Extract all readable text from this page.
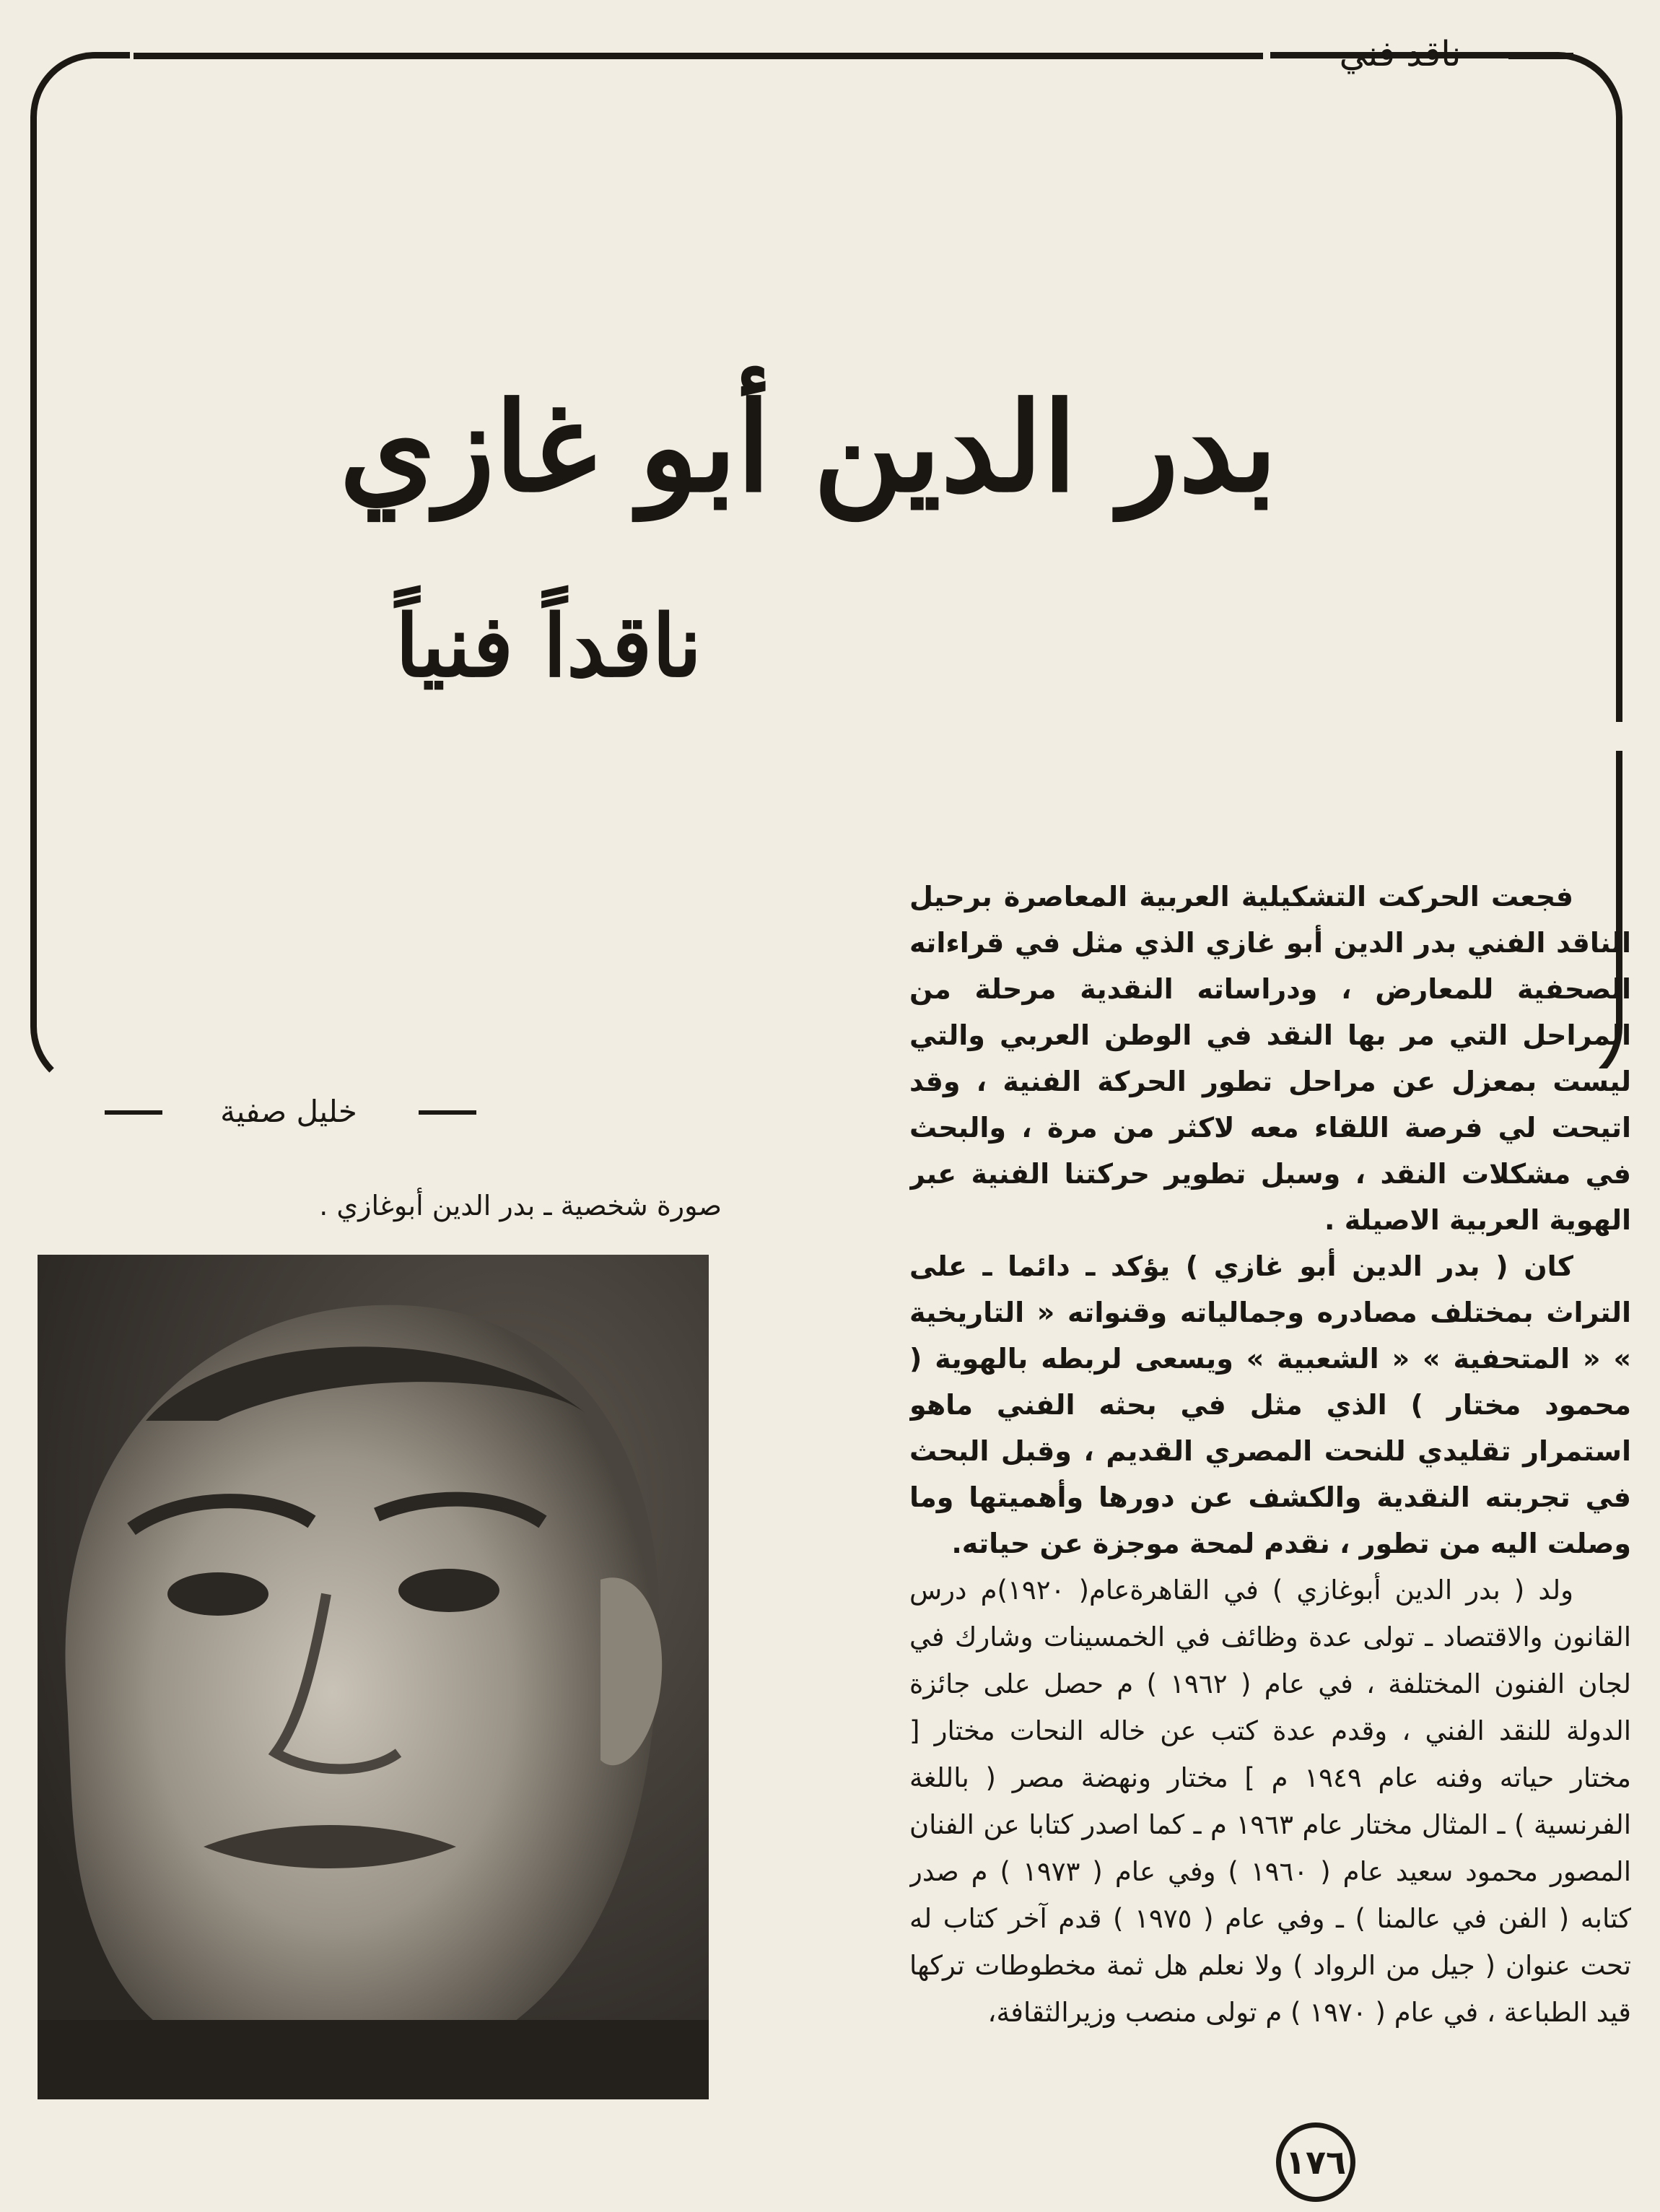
ناقد فني
بدر الدين أبو غازي
ناقداً فنياً
خليل صفية
صورة شخصية ـ بدر الدين أبوغازي .

فجعت الحركت التشكيلية العربية المعاصرة برحيل الناقد الفني بدر الدين أبو غازي الذي مثل في قراءاته الصحفية للمعارض ، ودراساته النقدية مرحلة من المراحل التي مر بها النقد في الوطن العربي والتي ليست بمعزل عن مراحل تطور الحركة الفنية ، وقد اتيحت لي فرصة اللقاء معه لاكثر من مرة ، والبحث في مشكلات النقد ، وسبل تطوير حركتنا الفنية عبر الهوية العربية الاصيلة .

كان ( بدر الدين أبو غازي ) يؤكد ـ دائما ـ على التراث بمختلف مصادره وجمالياته وقنواته « التاريخية » « المتحفية » « الشعبية » ويسعى لربطه بالهوية ( محمود مختار ) الذي مثل في بحثه الفني ماهو استمرار تقليدي للنحت المصري القديم ، وقبل البحث في تجربته النقدية والكشف عن دورها وأهميتها وما وصلت اليه من تطور ، نقدم لمحة موجزة عن حياته.

ولد ( بدر الدين أبوغازي ) في القاهرةعام( ١٩٢٠)م درس القانون والاقتصاد ـ تولى عدة وظائف في الخمسينات وشارك في لجان الفنون المختلفة ، في عام ( ١٩٦٢ ) م حصل على جائزة الدولة للنقد الفني ، وقدم عدة كتب عن خاله النحات مختار [ مختار حياته وفنه عام ١٩٤٩ م ] مختار ونهضة مصر ( باللغة الفرنسية ) ـ المثال مختار عام ١٩٦٣ م ـ كما اصدر كتابا عن الفنان المصور محمود سعيد عام ( ١٩٦٠ ) وفي عام ( ١٩٧٣ ) م صدر كتابه ( الفن في عالمنا ) ـ وفي عام ( ١٩٧٥ ) قدم آخر كتاب له تحت عنوان ( جيل من الرواد ) ولا نعلم هل ثمة مخطوطات تركها قيد الطباعة ، في عام ( ١٩٧٠ ) م تولى منصب وزيرالثقافة،

١٧٦
